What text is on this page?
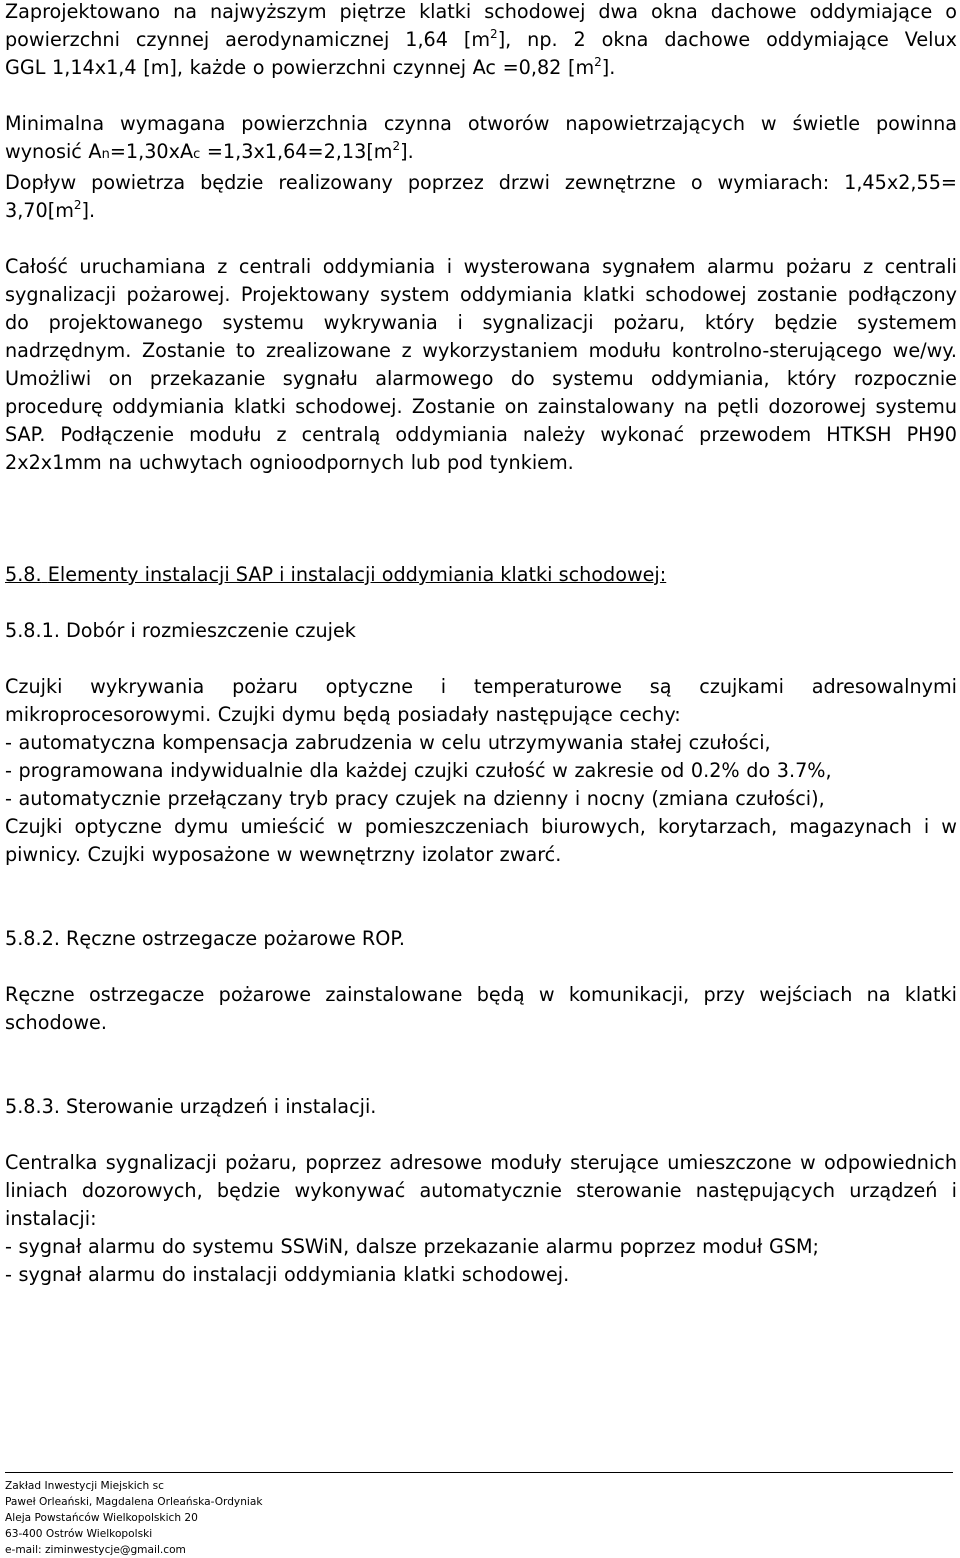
Zaprojektowano na najwyższym piętrze klatki schodowej dwa okna dachowe oddymiające o

powierzchni czynnej aerodynamicznej 1,64 $[m^2]$, np. 2 okna dachowe oddymiające Velux

GGL 1,14x1,4 [m], każde o powierzchni czynnej Ac =0,82 $[m^2]$.

Minimalna wymagana powierzchnia czynna otworów napowietrzających w świetle powinna

wynosić $An=1,30xAc =1,3x1,64=2,13[m^2]$.

Dopływ powietrza będzie realizowany poprzez drzwi zewnętrzne o wymiarach: 1,45x2,55=

$3,70[m^2]$.

Całość uruchamiana z centrali oddymiania i wysterowana sygnałem alarmu pożaru z centrali sygnalizacji pożarowej. Projektowany system oddymiania klatki schodowej zostanie podłączony do projektowanego systemu wykrywania i sygnalizacji pożaru, który będzie systemem nadrzędnym. Zostanie to zrealizowane z wykorzystaniem modułu kontrolno-sterującego we/wy. Umożliwi on przekazanie sygnału alarmowego do systemu oddymiania, który rozpocznie procedurę oddymiania klatki schodowej. Zostanie on zainstalowany na pętli dozorowej systemu SAP. Podłączenie modułu z centralą oddymiania należy wykonać przewodem HTKSH PH90 2x2x1mm na uchwytach ognioodpornych lub pod tynkiem.

5.8. Elementy instalacji SAP i instalacji oddymiania klatki schodowej:

5.8.1. Dobór i rozmieszczenie czujek

Czujki wykrywania pożaru optyczne i temperaturowe są czujkami adresowalnymi mikroprocesorowymi. Czujki dymu będą posiadały następujące cechy:

- automatyczna kompensacja zabrudzenia w celu utrzymywania stałej czułości,

- programowana indywidualnie dla każdej czujki czułość w zakresie od 0.2% do 3.7%,

- automatycznie przełączany tryb pracy czujek na dzienny i nocny (zmiana czułości),

Czujki optyczne dymu umieścić w pomieszczeniach biurowych, korytarzach, magazynach i w piwnicy. Czujki wyposażone w wewnętrzny izolator zwarć.

5.8.2. Ręczne ostrzegacze pożarowe ROP.

Ręczne ostrzegacze pożarowe zainstalowane będą w komunikacji, przy wejściach na klatki schodowe.

5.8.3. Sterowanie urządzeń i instalacji.

Centralka sygnalizacji pożaru, poprzez adresowe moduły sterujące umieszczone w odpowiednich liniach dozorowych, będzie wykonywać automatycznie sterowanie następujących urządzeń i instalacji:

- sygnał alarmu do systemu SSWiN, dalsze przekazanie alarmu poprzez moduł GSM;

- sygnał alarmu do instalacji oddymiania klatki schodowej.

Zakład Inwestycji Miejskich sc
Paweł Orleański, Magdalena Orleańska-Ordyniak
Aleja Powstańców Wielkopolskich 20
63-400 Ostrów Wielkopolski
e-mail: ziminwestycje@gmail.com
